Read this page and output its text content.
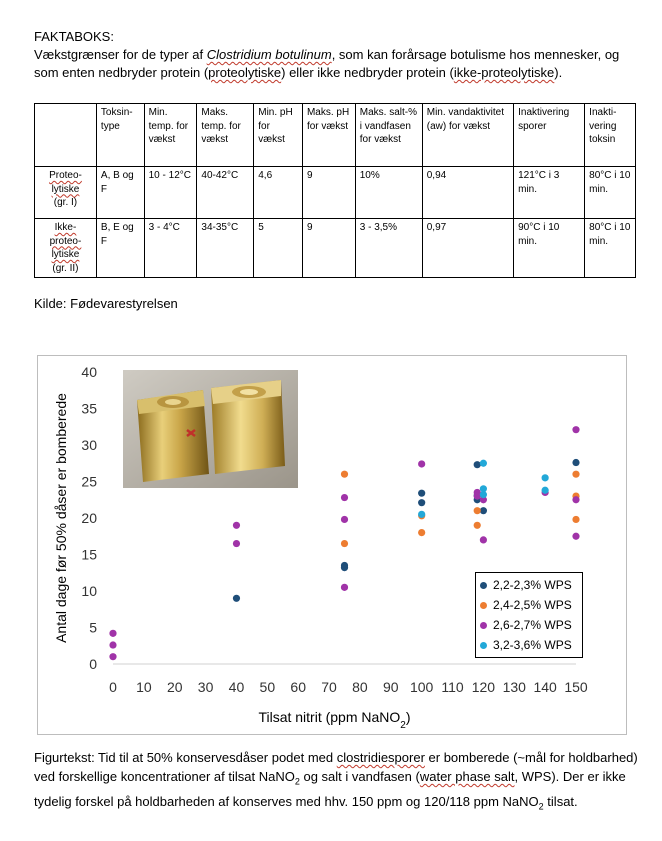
FAKTABOKS:
Vækstgrænser for de typer af Clostridium botulinum, som kan forårsage botulisme hos mennesker, og som enten nedbryder protein (proteolytiske) eller ikke nedbryder protein (ikke-proteolytiske).
	Toksin-type	Min. temp. for vækst	Maks. temp. for vækst	Min. pH for vækst	Maks. pH for vækst	Maks. salt-% i vandfasen for vækst	Min. vandaktivitet (aw) for vækst	Inaktivering sporer	Inakti-vering toksin
Proteo-lytiske
(gr. I)	A, B og F	10 - 12°C	40-42°C	4,6	9	10%	0,94	121°C i 3 min.	80°C i 10 min.
Ikke-proteo-lytiske
(gr. II)	B, E og F	3 - 4°C	34-35°C	5	9	3 - 3,5%	0,97	90°C i 10 min.	80°C i 10 min.
Kilde: Fødevarestyrelsen
0
5
10
15
20
25
30
35
40
0 10 20 30 40 50 60 70 80 90 100 110 120 130 140 150
Antal dage før 50% dåser er bomberede
Tilsat nitrit (ppm NaNO$_2$)
2,2-2,3% WPS
2,4-2,5% WPS
2,6-2,7% WPS
3,2-3,6% WPS
Figurtekst: Tid til at 50% konservesdåser podet med clostridiesporer er bomberede (~mål for holdbarhed) ved forskellige koncentrationer af tilsat NaNO$_2$ og salt i vandfasen (water phase salt, WPS). Der er ikke tydelig forskel på holdbarheden af konserves med hhv. 150 ppm og 120/118 ppm NaNO$_2$ tilsat.
